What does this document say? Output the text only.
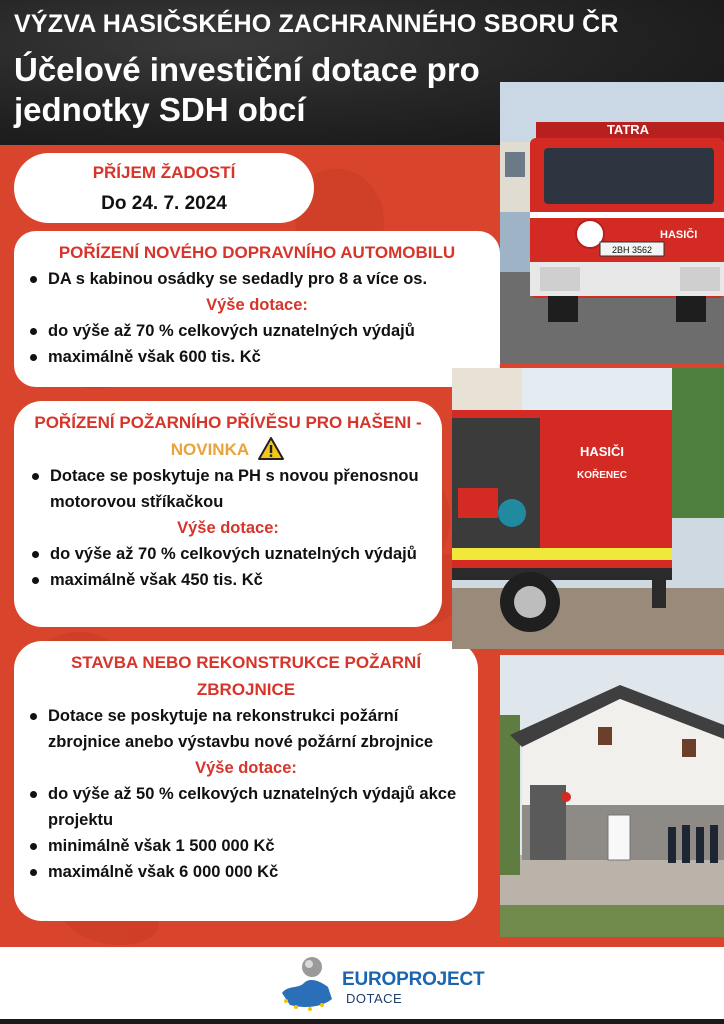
VÝZVA HASIČSKÉHO ZACHRANNÉHO SBORU ČR
Účelové investiční dotace pro jednotky SDH obcí
PŘÍJEM ŽADOSTÍ
Do 24. 7. 2024
POŘÍZENÍ NOVÉHO DOPRAVNÍHO AUTOMOBILU
DA s kabinou osádky se sedadly pro 8 a více os.
Výše dotace:
do výše až 70 % celkových uznatelných výdajů
maximálně však 600 tis. Kč
POŘÍZENÍ POŽARNÍHO PŘÍVĚSU PRO HAŠENI - NOVINKA
Dotace se poskytuje na PH s novou přenosnou motorovou stříkačkou
Výše dotace:
do výše až 70 % celkových uznatelných výdajů
maximálně však 450 tis. Kč
STAVBA NEBO REKONSTRUKCE POŽARNÍ ZBROJNICE
Dotace se poskytuje na rekonstrukci požární zbrojnice anebo výstavbu nové požární zbrojnice
Výše dotace:
do výše až 50 % celkových uznatelných výdajů akce projektu
minimálně však 1 500 000 Kč
maximálně však 6 000 000 Kč
TATRA
HASIČI
2BH 3562
HASIČI
KOŘENEC
EUROPROJECT
DOTACE
